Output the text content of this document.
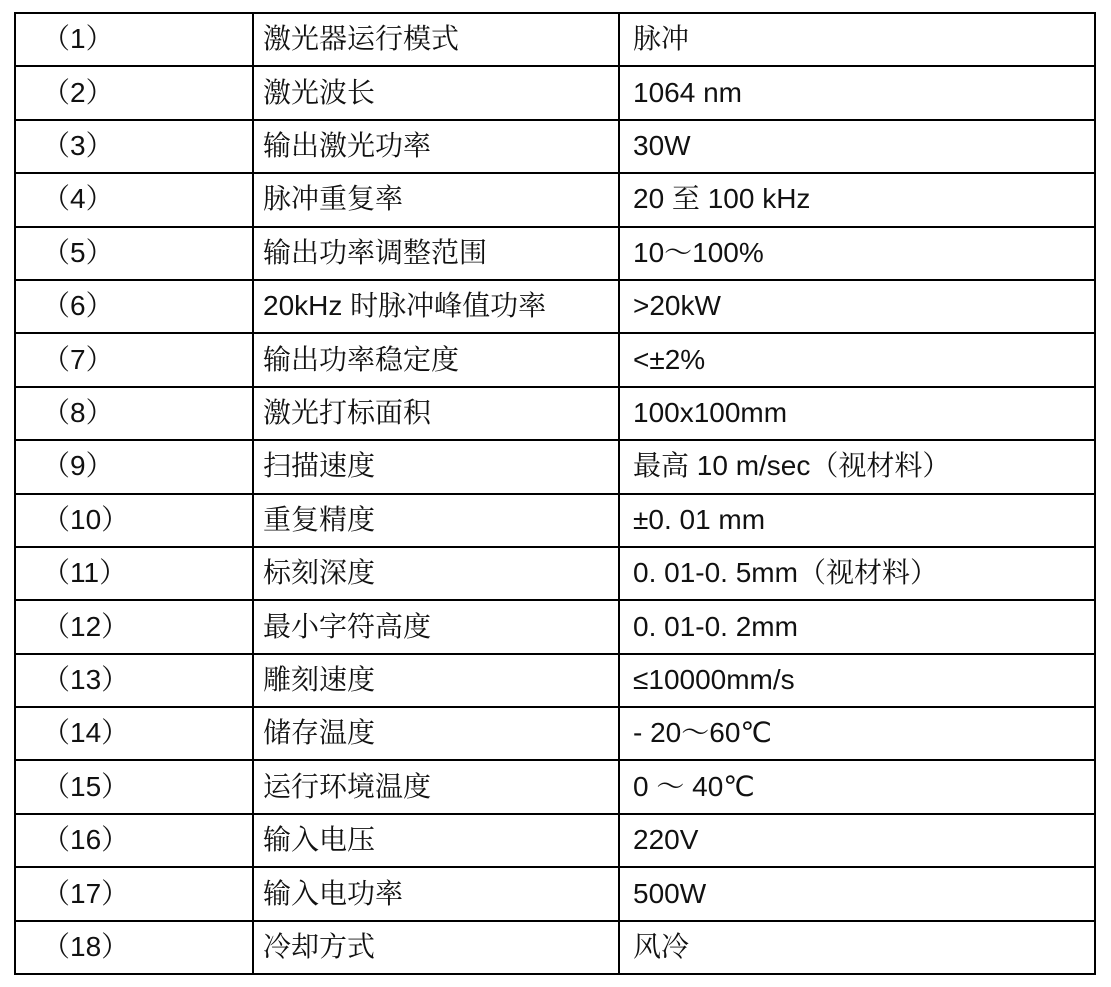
（1）	激光器运行模式	脉冲
（2）	激光波长	1064 nm
（3）	输出激光功率	30W
（4）	脉冲重复率	20 至 100 kHz
（5）	输出功率调整范围	10～100%
（6）	20kHz 时脉冲峰值功率	>20kW
（7）	输出功率稳定度	<±2%
（8）	激光打标面积	100x100mm
（9）	扫描速度	最高 10 m/sec（视材料）
（10）	重复精度	±0. 01 mm
（11）	标刻深度	0. 01-0. 5mm（视材料）
（12）	最小字符高度	0. 01-0. 2mm
（13）	雕刻速度	≤10000mm/s
（14）	储存温度	- 20～60℃
（15）	运行环境温度	0 ～ 40℃
（16）	输入电压	220V
（17）	输入电功率	500W
（18）	冷却方式	风冷
